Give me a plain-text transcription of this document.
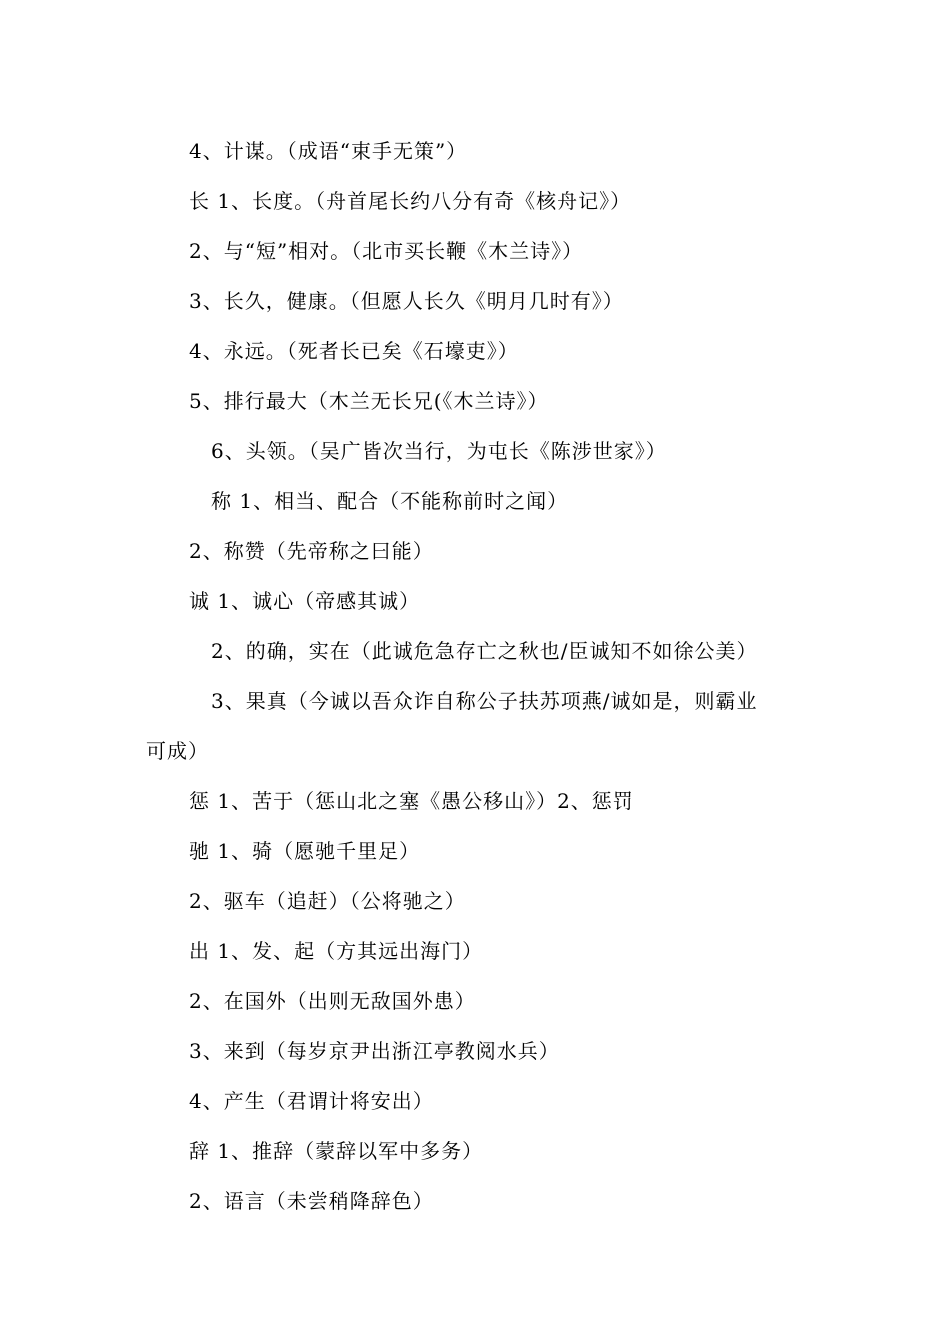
4、计谋。（成语“束手无策”）
长 1、长度。（舟首尾长约八分有奇《核舟记》）
2、与“短”相对。（北市买长鞭《木兰诗》）
3、长久，健康。（但愿人长久《明月几时有》）
4、永远。（死者长已矣《石壕吏》）
5、排行最大（木兰无长兄(《木兰诗》）
6、头领。（吴广皆次当行，为屯长《陈涉世家》）
称 1、相当、配合（不能称前时之闻）
2、称赞（先帝称之曰能）
诚 1、诚心（帝感其诚）
2、的确，实在（此诚危急存亡之秋也/臣诚知不如徐公美）
3、果真（今诚以吾众诈自称公子扶苏项燕/诚如是，则霸业
可成）
惩 1、苦于（惩山北之塞《愚公移山》）2、惩罚
驰 1、骑（愿驰千里足）
2、驱车（追赶）（公将驰之）
出 1、发、起（方其远出海门）
2、在国外（出则无敌国外患）
3、来到（每岁京尹出浙江亭教阅水兵）
4、产生（君谓计将安出）
辞 1、推辞（蒙辞以军中多务）
2、语言（未尝稍降辞色）
